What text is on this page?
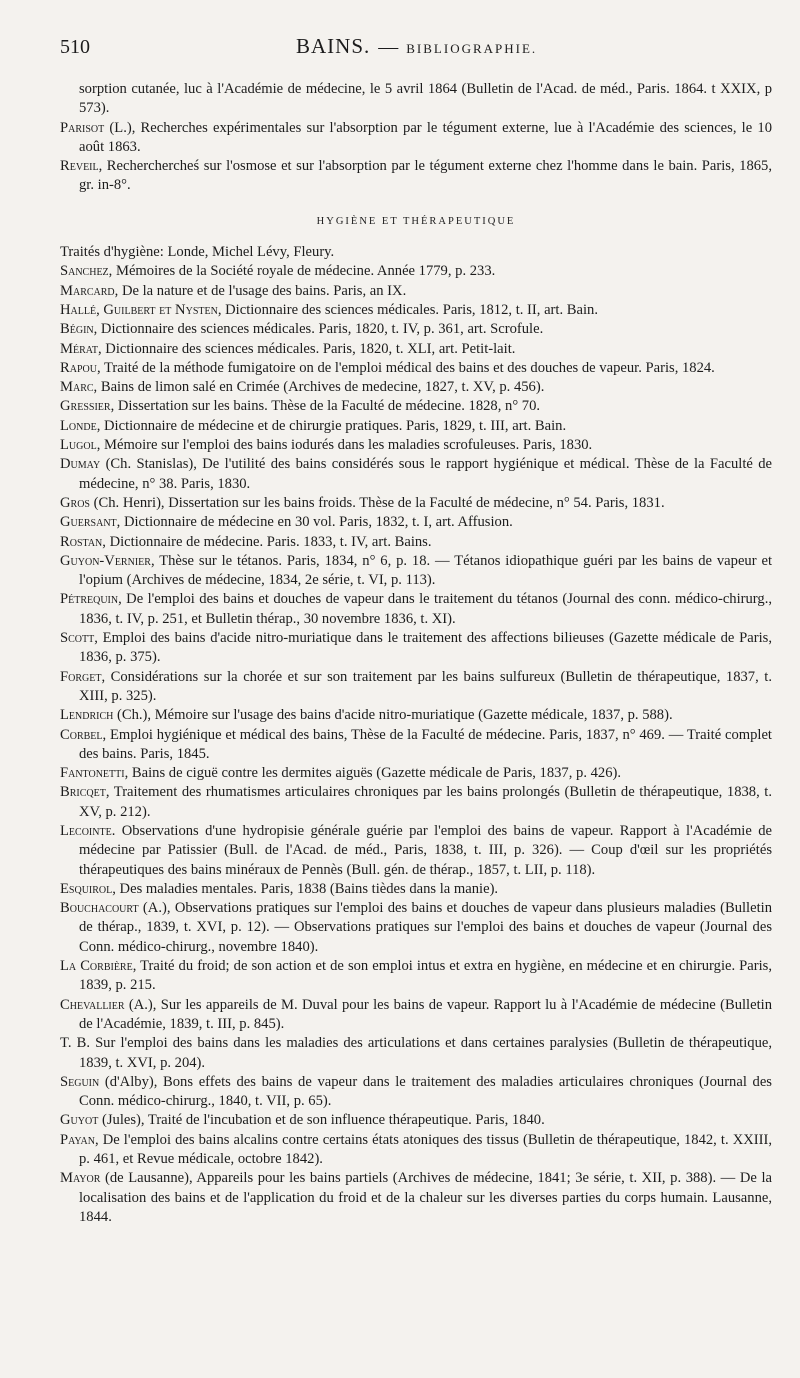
510	BAINS. — BIBLIOGRAPHIE.
sorption cutanée, luc à l'Académie de médecine, le 5 avril 1864 (Bulletin de l'Acad. de méd., Paris. 1864. t XXIX, p 573).
Parisot (L.), Recherches expérimentales sur l'absorption par le tégument externe, lue à l'Académie des sciences, le 10 août 1863.
Reveil, Recherchercheś sur l'osmose et sur l'absorption par le tégument externe chez l'homme dans le bain. Paris, 1865, gr. in-8°.
HYGIÈNE ET THÉRAPEUTIQUE
Traités d'hygiène: Londe, Michel Lévy, Fleury.
Sanchez, Mémoires de la Société royale de médecine. Année 1779, p. 233.
Marcard, De la nature et de l'usage des bains. Paris, an IX.
Hallé, Guilbert et Nysten, Dictionnaire des sciences médicales. Paris, 1812, t. II, art. Bain.
Bégin, Dictionnaire des sciences médicales. Paris, 1820, t. IV, p. 361, art. Scrofule.
Mérat, Dictionnaire des sciences médicales. Paris, 1820, t. XLI, art. Petit-lait.
Rapou, Traité de la méthode fumigatoire on de l'emploi médical des bains et des douches de vapeur. Paris, 1824.
Marc, Bains de limon salé en Crimée (Archives de medecine, 1827, t. XV, p. 456).
Gressier, Dissertation sur les bains. Thèse de la Faculté de médecine. 1828, n° 70.
Londe, Dictionnaire de médecine et de chirurgie pratiques. Paris, 1829, t. III, art. Bain.
Lugol, Mémoire sur l'emploi des bains iodurés dans les maladies scrofuleuses. Paris, 1830.
Dumay (Ch. Stanislas), De l'utilité des bains considérés sous le rapport hygiénique et médical. Thèse de la Faculté de médecine, n° 38. Paris, 1830.
Gros (Ch. Henri), Dissertation sur les bains froids. Thèse de la Faculté de médecine, n° 54. Paris, 1831.
Guersant, Dictionnaire de médecine en 30 vol. Paris, 1832, t. I, art. Affusion.
Rostan, Dictionnaire de médecine. Paris. 1833, t. IV, art. Bains.
Guyon-Vernier, Thèse sur le tétanos. Paris, 1834, n° 6, p. 18. — Tétanos idiopathique guéri par les bains de vapeur et l'opium (Archives de médecine, 1834, 2e série, t. VI, p. 113).
Pétrequin, De l'emploi des bains et douches de vapeur dans le traitement du tétanos (Journal des conn. médico-chirurg., 1836, t. IV, p. 251, et Bulletin thérap., 30 novembre 1836, t. XI).
Scott, Emploi des bains d'acide nitro-muriatique dans le traitement des affections bilieuses (Gazette médicale de Paris, 1836, p. 375).
Forget, Considérations sur la chorée et sur son traitement par les bains sulfureux (Bulletin de thérapeutique, 1837, t. XIII, p. 325).
Lendrich (Ch.), Mémoire sur l'usage des bains d'acide nitro-muriatique (Gazette médicale, 1837, p. 588).
Corbel, Emploi hygiénique et médical des bains, Thèse de la Faculté de médecine. Paris, 1837, n° 469. — Traité complet des bains. Paris, 1845.
Fantonetti, Bains de ciguë contre les dermites aiguës (Gazette médicale de Paris, 1837, p. 426).
Bricqet, Traitement des rhumatismes articulaires chroniques par les bains prolongés (Bulletin de thérapeutique, 1838, t. XV, p. 212).
Lecointe. Observations d'une hydropisie générale guérie par l'emploi des bains de vapeur. Rapport à l'Académie de médecine par Patissier (Bull. de l'Acad. de méd., Paris, 1838, t. III, p. 326). — Coup d'œil sur les propriétés thérapeutiques des bains minéraux de Pennès (Bull. gén. de thérap., 1857, t. LII, p. 118).
Esquirol, Des maladies mentales. Paris, 1838 (Bains tièdes dans la manie).
Bouchacourt (A.), Observations pratiques sur l'emploi des bains et douches de vapeur dans plusieurs maladies (Bulletin de thérap., 1839, t. XVI, p. 12). — Observations pratiques sur l'emploi des bains et douches de vapeur (Journal des Conn. médico-chirurg., novembre 1840).
La Corbière, Traité du froid; de son action et de son emploi intus et extra en hygiène, en médecine et en chirurgie. Paris, 1839, p. 215.
Chevallier (A.), Sur les appareils de M. Duval pour les bains de vapeur. Rapport lu à l'Académie de médecine (Bulletin de l'Académie, 1839, t. III, p. 845).
T. B. Sur l'emploi des bains dans les maladies des articulations et dans certaines paralysies (Bulletin de thérapeutique, 1839, t. XVI, p. 204).
Seguin (d'Alby), Bons effets des bains de vapeur dans le traitement des maladies articulaires chroniques (Journal des Conn. médico-chirurg., 1840, t. VII, p. 65).
Guyot (Jules), Traité de l'incubation et de son influence thérapeutique. Paris, 1840.
Payan, De l'emploi des bains alcalins contre certains états atoniques des tissus (Bulletin de thérapeutique, 1842, t. XXIII, p. 461, et Revue médicale, octobre 1842).
Mayor (de Lausanne), Appareils pour les bains partiels (Archives de médecine, 1841; 3e série, t. XII, p. 388). — De la localisation des bains et de l'application du froid et de la chaleur sur les diverses parties du corps humain. Lausanne, 1844.
